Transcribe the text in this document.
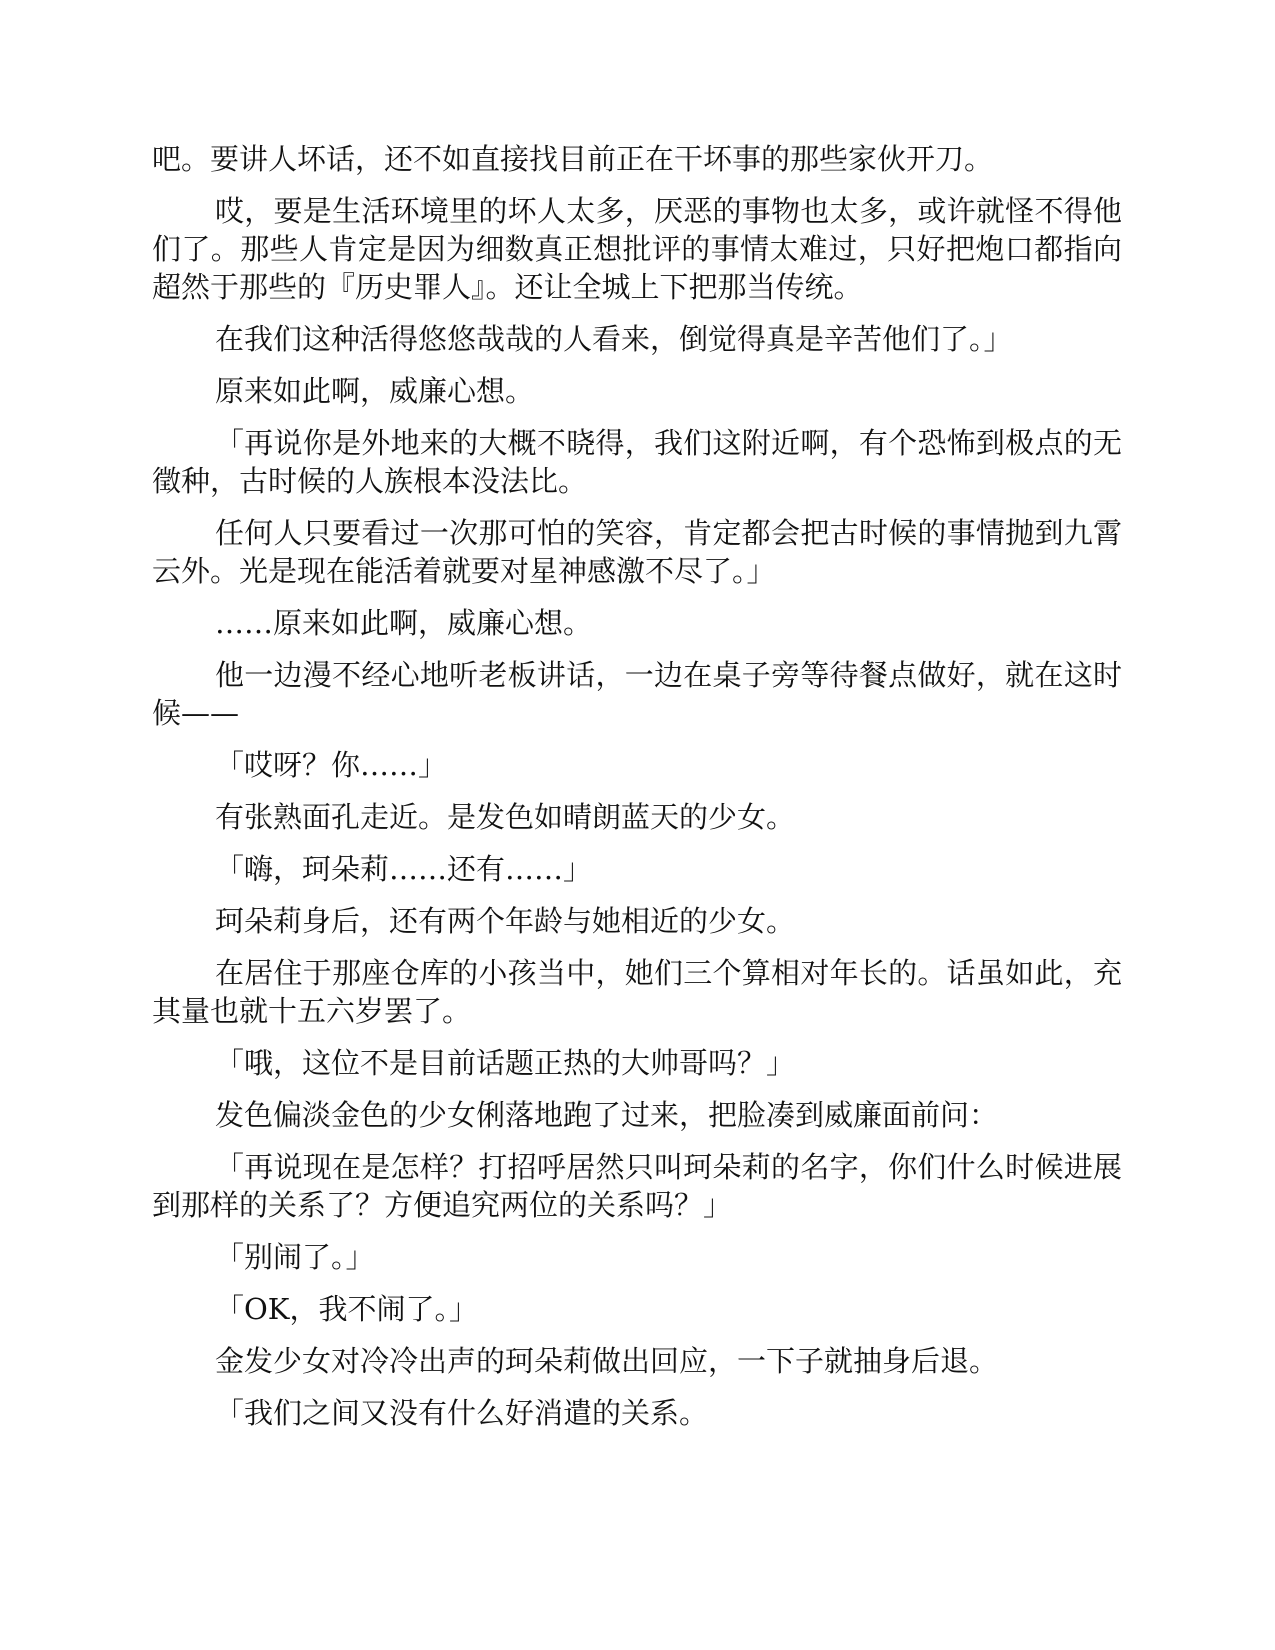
吧。要讲人坏话，还不如直接找目前正在干坏事的那些家伙开刀。

哎，要是生活环境里的坏人太多，厌恶的事物也太多，或许就怪不得他们了。那些人肯定是因为细数真正想批评的事情太难过，只好把炮口都指向超然于那些的『历史罪人』。还让全城上下把那当传统。

在我们这种活得悠悠哉哉的人看来，倒觉得真是辛苦他们了。」

原来如此啊，威廉心想。

「再说你是外地来的大概不晓得，我们这附近啊，有个恐怖到极点的无徵种，古时候的人族根本没法比。

任何人只要看过一次那可怕的笑容，肯定都会把古时候的事情抛到九霄云外。光是现在能活着就要对星神感激不尽了。」

……原来如此啊，威廉心想。

他一边漫不经心地听老板讲话，一边在桌子旁等待餐点做好，就在这时候——

「哎呀？你……」

有张熟面孔走近。是发色如晴朗蓝天的少女。

「嗨，珂朵莉……还有……」

珂朵莉身后，还有两个年龄与她相近的少女。

在居住于那座仓库的小孩当中，她们三个算相对年长的。话虽如此，充其量也就十五六岁罢了。

「哦，这位不是目前话题正热的大帅哥吗？」

发色偏淡金色的少女俐落地跑了过来，把脸凑到威廉面前问：

「再说现在是怎样？打招呼居然只叫珂朵莉的名字，你们什么时候进展到那样的关系了？方便追究两位的关系吗？」

「别闹了。」

「OK，我不闹了。」

金发少女对冷冷出声的珂朵莉做出回应，一下子就抽身后退。

「我们之间又没有什么好消遣的关系。
